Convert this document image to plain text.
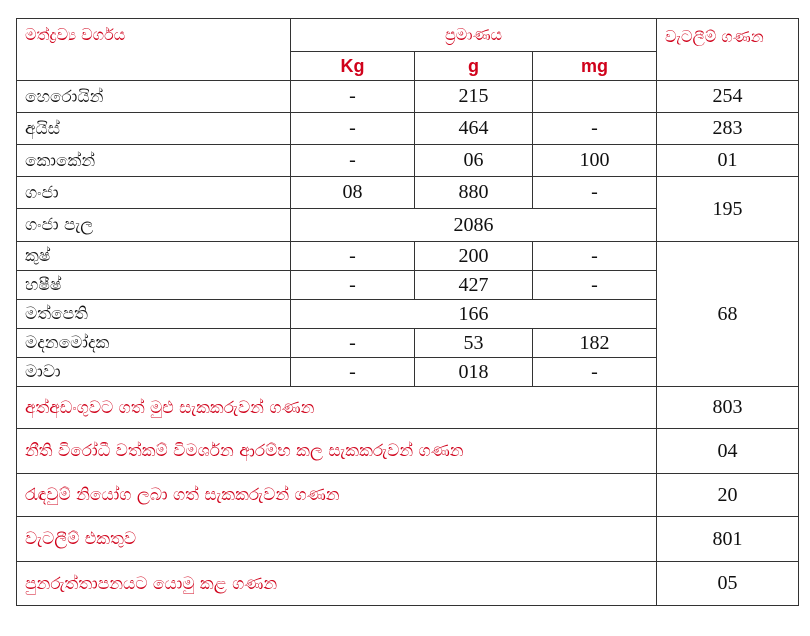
මත්ද්‍රව්‍ය වර්ගය	ප්‍රමාණය			වැටලීම් ගණන
	Kg	g	mg	
හෙරොයින්	-	215		254
අයිස්	-	464	-	283
කොකේන්	-	06	100	01
ගංජා	08	880	-	195
ගංජා පැල	2086			
කුෂ්	-	200	-	68
හෂීෂ්	-	427	-	
මත්පෙති	166			
මදනමෝදක	-	53	182	
මාවා	-	018	-	
අත්අඩංගුවට ගත් මුළු සැකකරුවන් ගණන				803
නීති විරෝධී වත්කම් විමර්ශන ආරම්භ කල සැකකරුවන් ගණන				04
රැඳවුම් නියෝග ලබා ගත් සැකකරුවන් ගණන				20
වැටලීම් එකතුව				801
පුනරුත්තාපනයට යොමු කළ ගණන				05
